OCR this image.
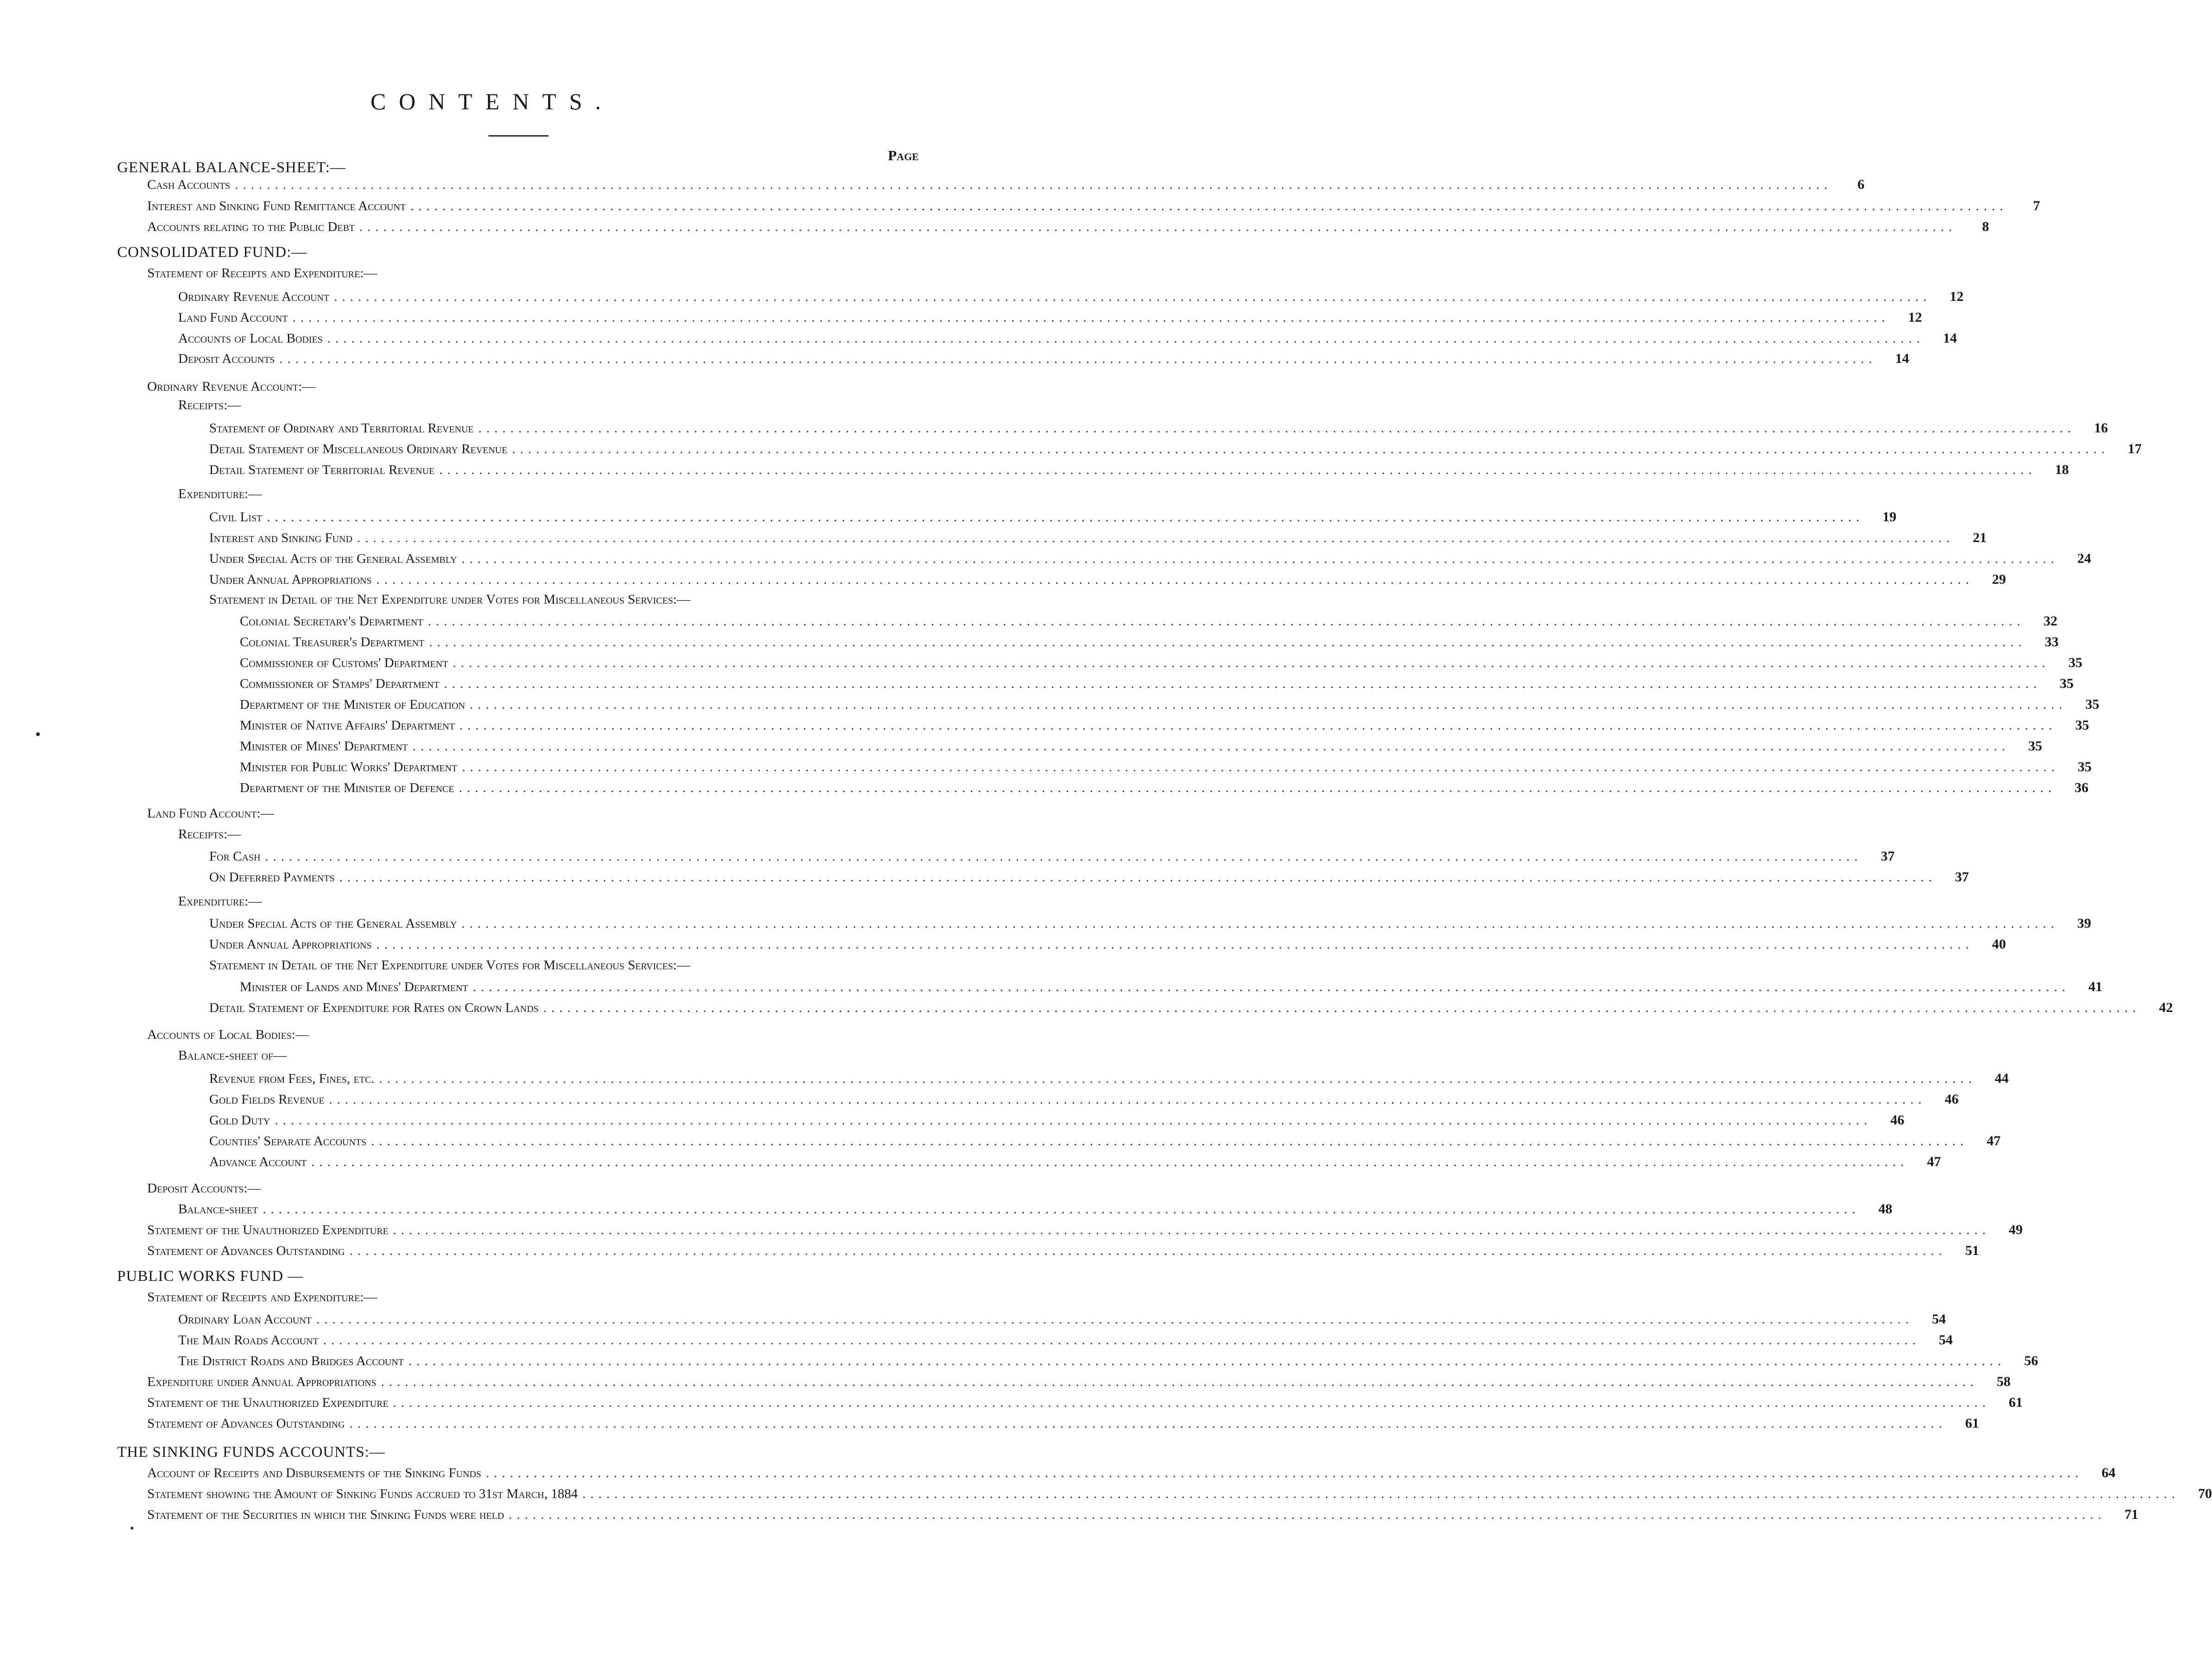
CONTENTS.
Page
GENERAL BALANCE-SHEET:—
Cash Accounts ........................................................................................................................................................................................................	6
Interest and Sinking Fund Remittance Account ........................................................................................................................................................................................................	7
Accounts relating to the Public Debt ........................................................................................................................................................................................................	8
CONSOLIDATED FUND:—
Statement of Receipts and Expenditure:—
Ordinary Revenue Account ........................................................................................................................................................................................................	12
Land Fund Account ........................................................................................................................................................................................................	12
Accounts of Local Bodies ........................................................................................................................................................................................................	14
Deposit Accounts ........................................................................................................................................................................................................	14
Ordinary Revenue Account:—
Receipts:—
Statement of Ordinary and Territorial Revenue ........................................................................................................................................................................................................	16
Detail Statement of Miscellaneous Ordinary Revenue ........................................................................................................................................................................................................	17
Detail Statement of Territorial Revenue ........................................................................................................................................................................................................	18
Expenditure:—
Civil List ........................................................................................................................................................................................................	19
Interest and Sinking Fund ........................................................................................................................................................................................................	21
Under Special Acts of the General Assembly ........................................................................................................................................................................................................	24
Under Annual Appropriations ........................................................................................................................................................................................................	29
Statement in Detail of the Net Expenditure under Votes for Miscellaneous Services:—
Colonial Secretary's Department ........................................................................................................................................................................................................	32
Colonial Treasurer's Department ........................................................................................................................................................................................................	33
Commissioner of Customs' Department ........................................................................................................................................................................................................	35
Commissioner of Stamps' Department ........................................................................................................................................................................................................	35
Department of the Minister of Education ........................................................................................................................................................................................................	35
Minister of Native Affairs' Department ........................................................................................................................................................................................................	35
Minister of Mines' Department ........................................................................................................................................................................................................	35
Minister for Public Works' Department ........................................................................................................................................................................................................	35
Department of the Minister of Defence ........................................................................................................................................................................................................	36
Land Fund Account:—
Receipts:—
For Cash ........................................................................................................................................................................................................	37
On Deferred Payments ........................................................................................................................................................................................................	37
Expenditure:—
Under Special Acts of the General Assembly ........................................................................................................................................................................................................	39
Under Annual Appropriations ........................................................................................................................................................................................................	40
Statement in Detail of the Net Expenditure under Votes for Miscellaneous Services:—
Minister of Lands and Mines' Department ........................................................................................................................................................................................................	41
Detail Statement of Expenditure for Rates on Crown Lands ........................................................................................................................................................................................................	42
Accounts of Local Bodies:—
Balance-sheet of—
Revenue from Fees, Fines, etc. ........................................................................................................................................................................................................	44
Gold Fields Revenue ........................................................................................................................................................................................................	46
Gold Duty ........................................................................................................................................................................................................	46
Counties' Separate Accounts ........................................................................................................................................................................................................	47
Advance Account ........................................................................................................................................................................................................	47
Deposit Accounts:—
Balance-sheet ........................................................................................................................................................................................................	48
Statement of the Unauthorized Expenditure ........................................................................................................................................................................................................	49
Statement of Advances Outstanding ........................................................................................................................................................................................................	51
PUBLIC WORKS FUND —
Statement of Receipts and Expenditure:—
Ordinary Loan Account ........................................................................................................................................................................................................	54
The Main Roads Account ........................................................................................................................................................................................................	54
The District Roads and Bridges Account ........................................................................................................................................................................................................	56
Expenditure under Annual Appropriations ........................................................................................................................................................................................................	58
Statement of the Unauthorized Expenditure ........................................................................................................................................................................................................	61
Statement of Advances Outstanding ........................................................................................................................................................................................................	61
THE SINKING FUNDS ACCOUNTS:—
Account of Receipts and Disbursements of the Sinking Funds ........................................................................................................................................................................................................	64
Statement showing the Amount of Sinking Funds accrued to 31st March, 1884 ........................................................................................................................................................................................................	70
Statement of the Securities in which the Sinking Funds were held ........................................................................................................................................................................................................	71
